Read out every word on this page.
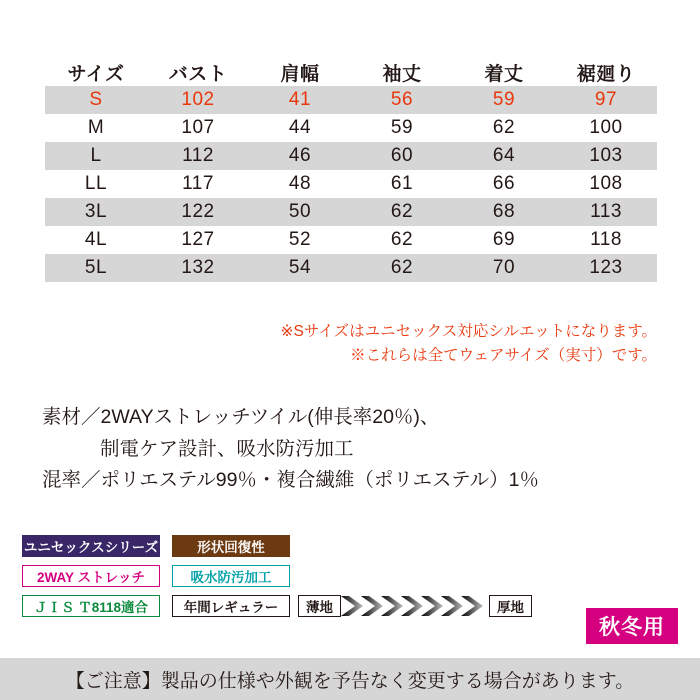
サイズ	バスト	肩幅	袖丈	着丈	裾廻り
S	102	41	56	59	97
M	107	44	59	62	100
L	112	46	60	64	103
LL	117	48	61	66	108
3L	122	50	62	68	113
4L	127	52	62	69	118
5L	132	54	62	70	123
※Sサイズはユニセックス対応シルエットになります。
※これらは全てウェアサイズ（実寸）です。
素材／2WAYストレッチツイル(伸長率20％)、
制電ケア設計、吸水防汚加工
混率／ポリエステル99％・複合繊維（ポリエステル）1％
ユニセックスシリーズ	形状回復性
2WAY ストレッチ	吸水防汚加工
ＪＩＳ Ｔ8118適合	年間レギュラー	薄地	厚地
秋冬用
【ご注意】製品の仕様や外観を予告なく変更する場合があります。
